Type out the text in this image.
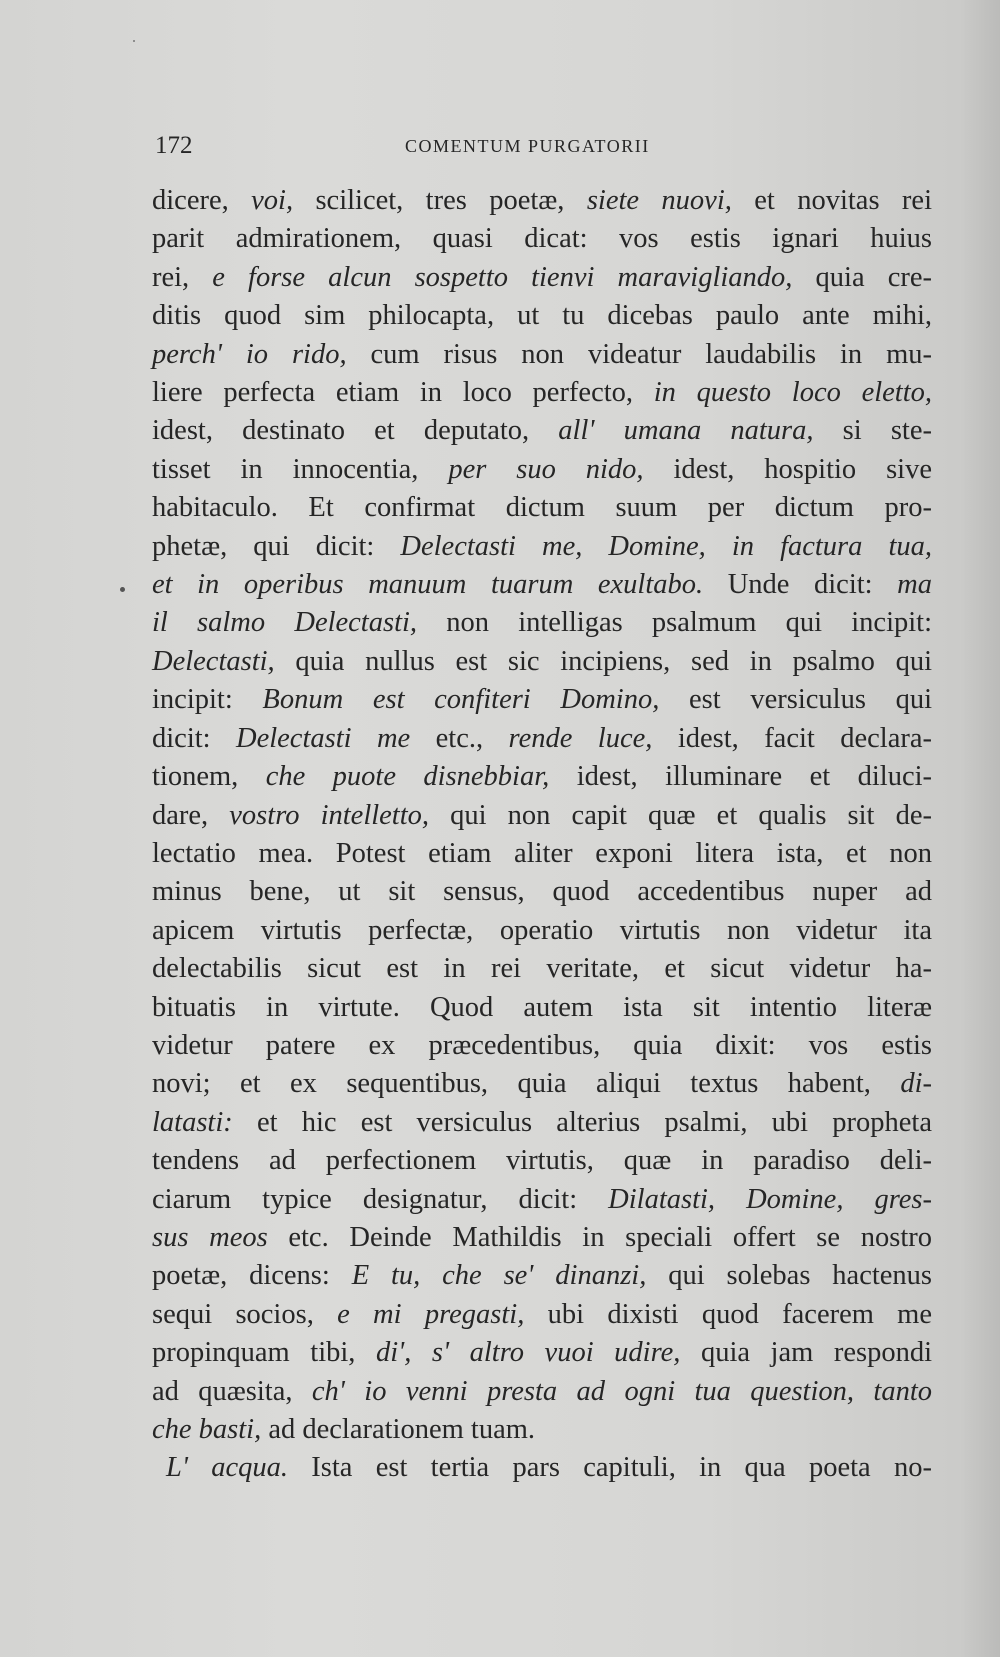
172	COMENTUM PURGATORII
dicere, voi, scilicet, tres poetæ, siete nuovi, et novitas rei
parit admirationem, quasi dicat: vos estis ignari huius
rei, e forse alcun sospetto tienvi maravigliando, quia cre-
ditis quod sim philocapta, ut tu dicebas paulo ante mihi,
perch' io rido, cum risus non videatur laudabilis in mu-
liere perfecta etiam in loco perfecto, in questo loco eletto,
idest, destinato et deputato, all' umana natura, si ste-
tisset in innocentia, per suo nido, idest, hospitio sive
habitaculo. Et confirmat dictum suum per dictum pro-
phetæ, qui dicit: Delectasti me, Domine, in factura tua,
et in operibus manuum tuarum exultabo. Unde dicit: ma
il salmo Delectasti, non intelligas psalmum qui incipit:
Delectasti, quia nullus est sic incipiens, sed in psalmo qui
incipit: Bonum est confiteri Domino, est versiculus qui
dicit: Delectasti me etc., rende luce, idest, facit declara-
tionem, che puote disnebbiar, idest, illuminare et diluci-
dare, vostro intelletto, qui non capit quæ et qualis sit de-
lectatio mea. Potest etiam aliter exponi litera ista, et non
minus bene, ut sit sensus, quod accedentibus nuper ad
apicem virtutis perfectæ, operatio virtutis non videtur ita
delectabilis sicut est in rei veritate, et sicut videtur ha-
bituatis in virtute. Quod autem ista sit intentio literæ
videtur patere ex præcedentibus, quia dixit: vos estis
novi; et ex sequentibus, quia aliqui textus habent, di-
latasti: et hic est versiculus alterius psalmi, ubi propheta
tendens ad perfectionem virtutis, quæ in paradiso deli-
ciarum typice designatur, dicit: Dilatasti, Domine, gres-
sus meos etc. Deinde Mathildis in speciali offert se nostro
poetæ, dicens: E tu, che se' dinanzi, qui solebas hactenus
sequi socios, e mi pregasti, ubi dixisti quod facerem me
propinquam tibi, di', s' altro vuoi udire, quia jam respondi
ad quæsita, ch' io venni presta ad ogni tua question, tanto
che basti, ad declarationem tuam.
L' acqua. Ista est tertia pars capituli, in qua poeta no-
